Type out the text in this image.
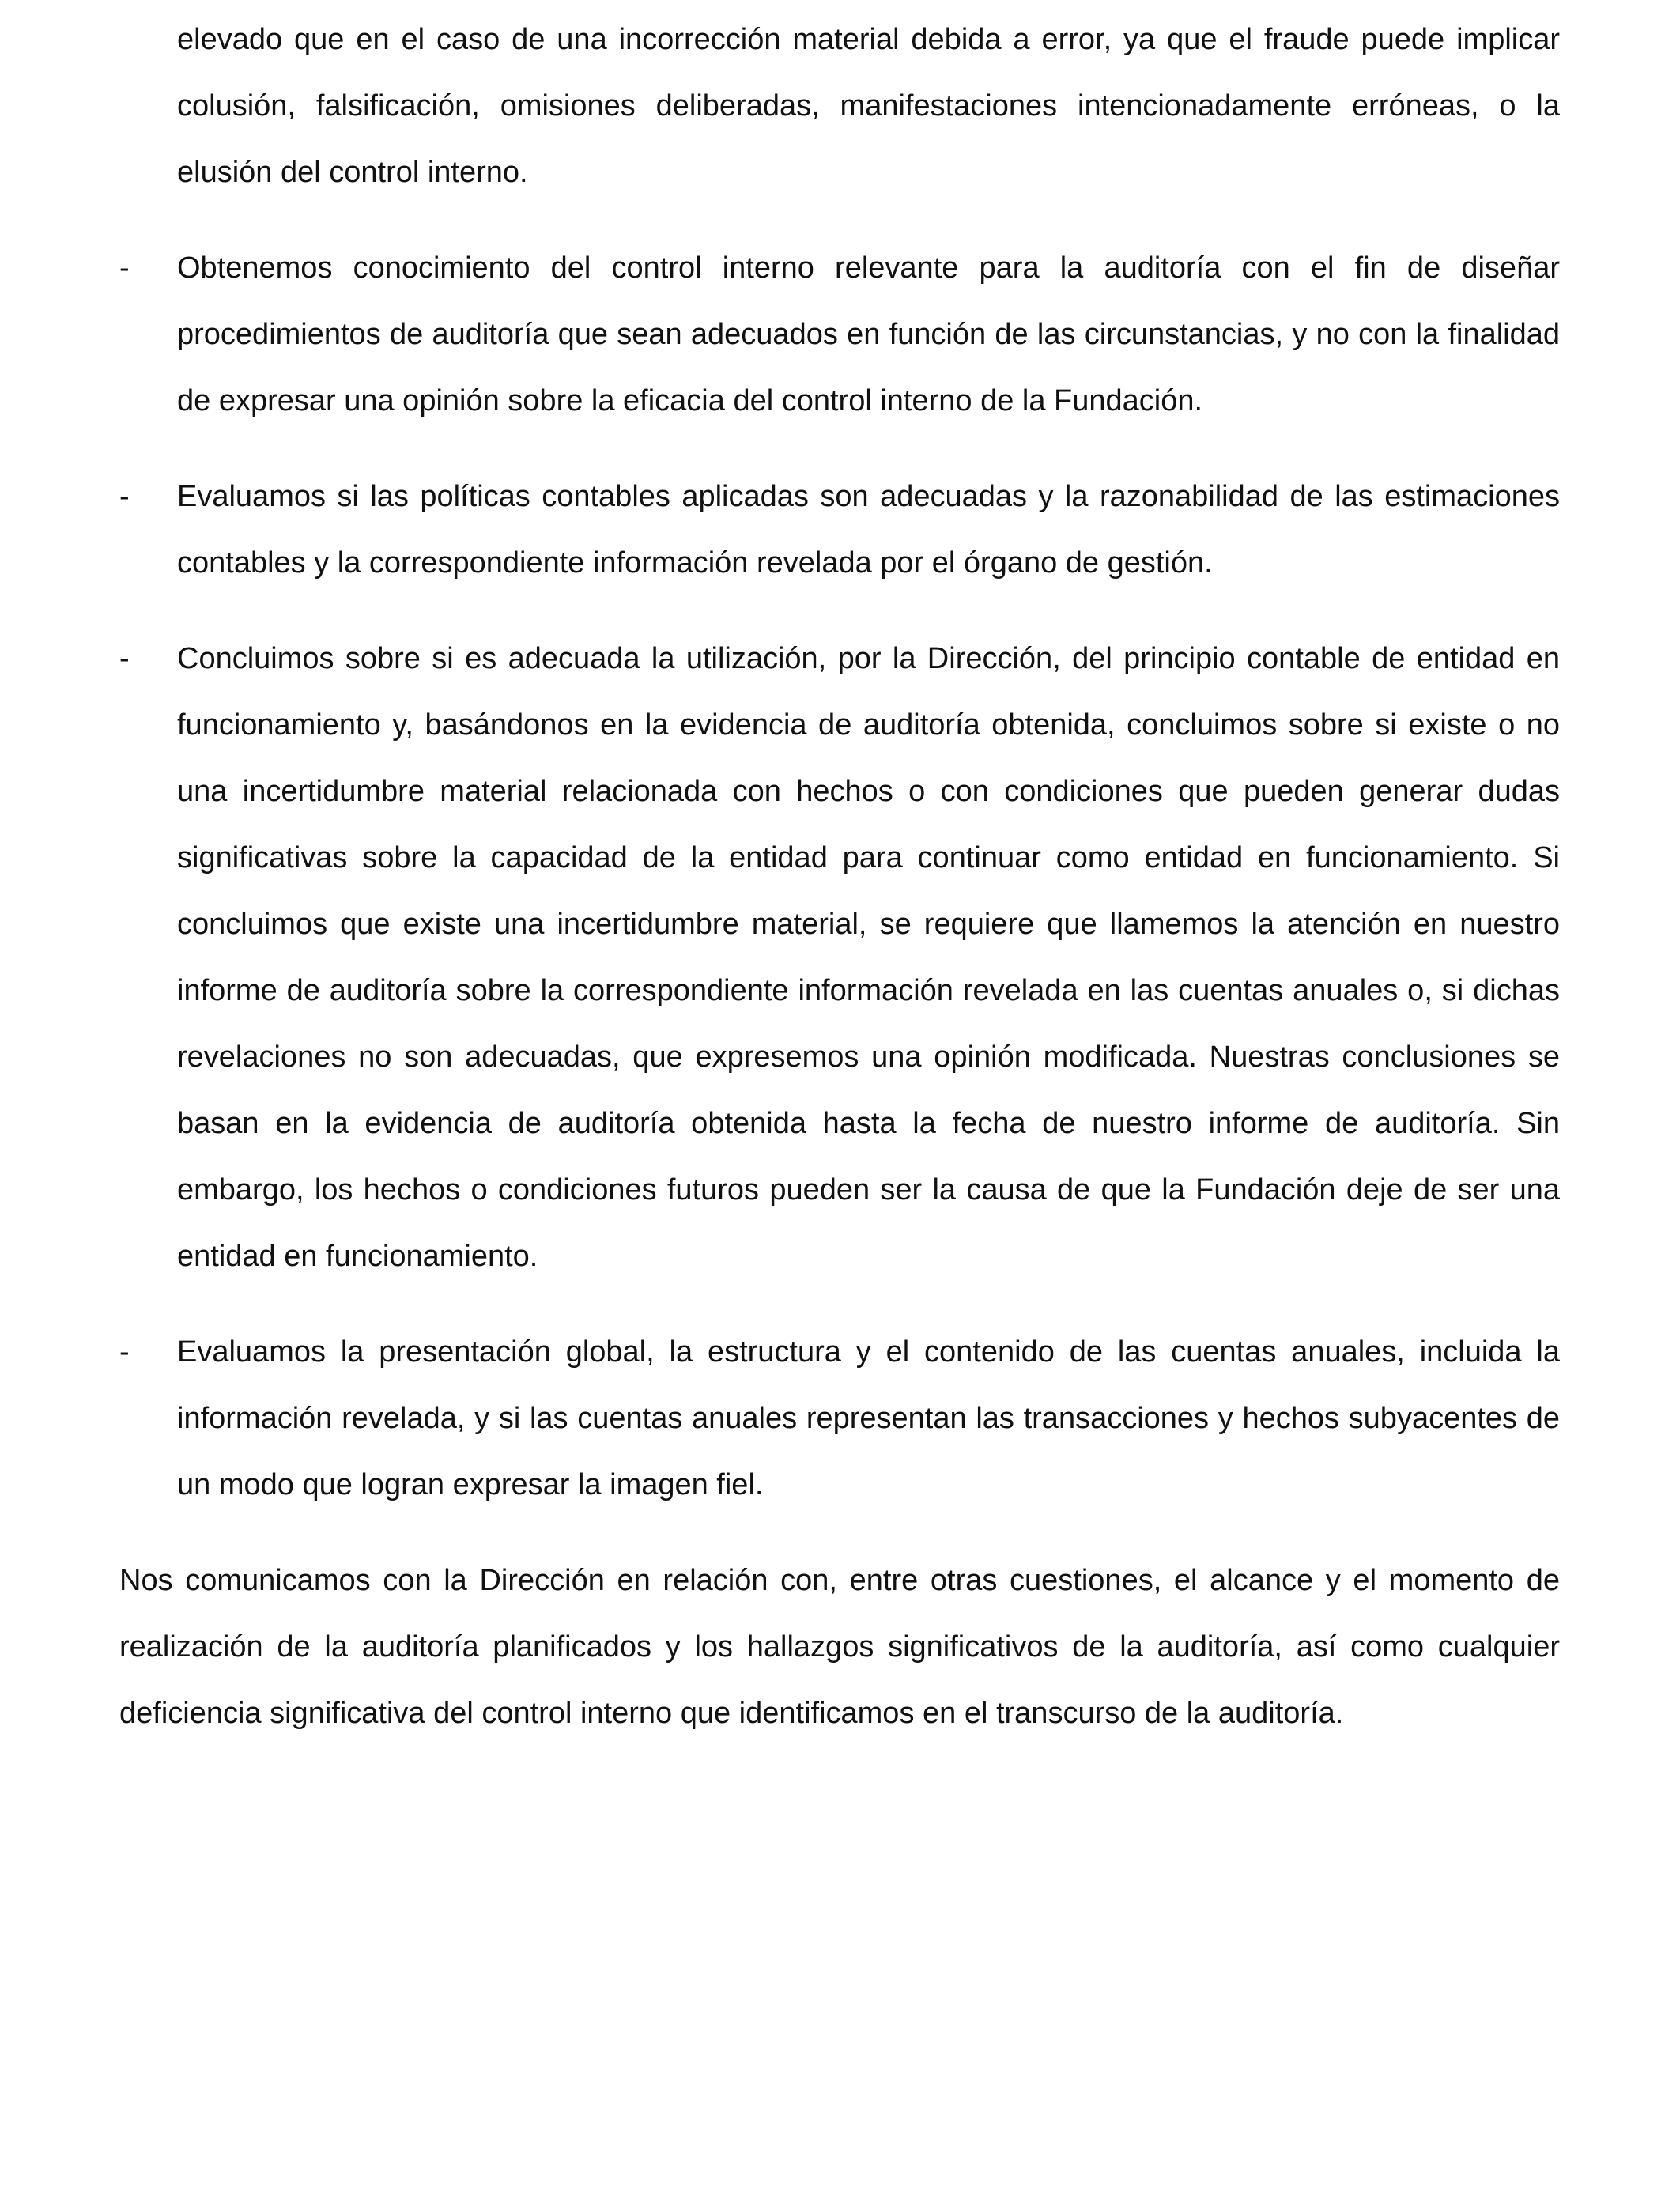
elevado que en el caso de una incorrección material debida a error, ya que el fraude puede implicar colusión, falsificación, omisiones deliberadas, manifestaciones intencionadamente erróneas, o la elusión del control interno.

- Obtenemos conocimiento del control interno relevante para la auditoría con el fin de diseñar procedimientos de auditoría que sean adecuados en función de las circunstancias, y no con la finalidad de expresar una opinión sobre la eficacia del control interno de la Fundación.

- Evaluamos si las políticas contables aplicadas son adecuadas y la razonabilidad de las estimaciones contables y la correspondiente información revelada por el órgano de gestión.

- Concluimos sobre si es adecuada la utilización, por la Dirección, del principio contable de entidad en funcionamiento y, basándonos en la evidencia de auditoría obtenida, concluimos sobre si existe o no una incertidumbre material relacionada con hechos o con condiciones que pueden generar dudas significativas sobre la capacidad de la entidad para continuar como entidad en funcionamiento. Si concluimos que existe una incertidumbre material, se requiere que llamemos la atención en nuestro informe de auditoría sobre la correspondiente información revelada en las cuentas anuales o, si dichas revelaciones no son adecuadas, que expresemos una opinión modificada. Nuestras conclusiones se basan en la evidencia de auditoría obtenida hasta la fecha de nuestro informe de auditoría. Sin embargo, los hechos o condiciones futuros pueden ser la causa de que la Fundación deje de ser una entidad en funcionamiento.

- Evaluamos la presentación global, la estructura y el contenido de las cuentas anuales, incluida la información revelada, y si las cuentas anuales representan las transacciones y hechos subyacentes de un modo que logran expresar la imagen fiel.

Nos comunicamos con la Dirección en relación con, entre otras cuestiones, el alcance y el momento de realización de la auditoría planificados y los hallazgos significativos de la auditoría, así como cualquier deficiencia significativa del control interno que identificamos en el transcurso de la auditoría.
